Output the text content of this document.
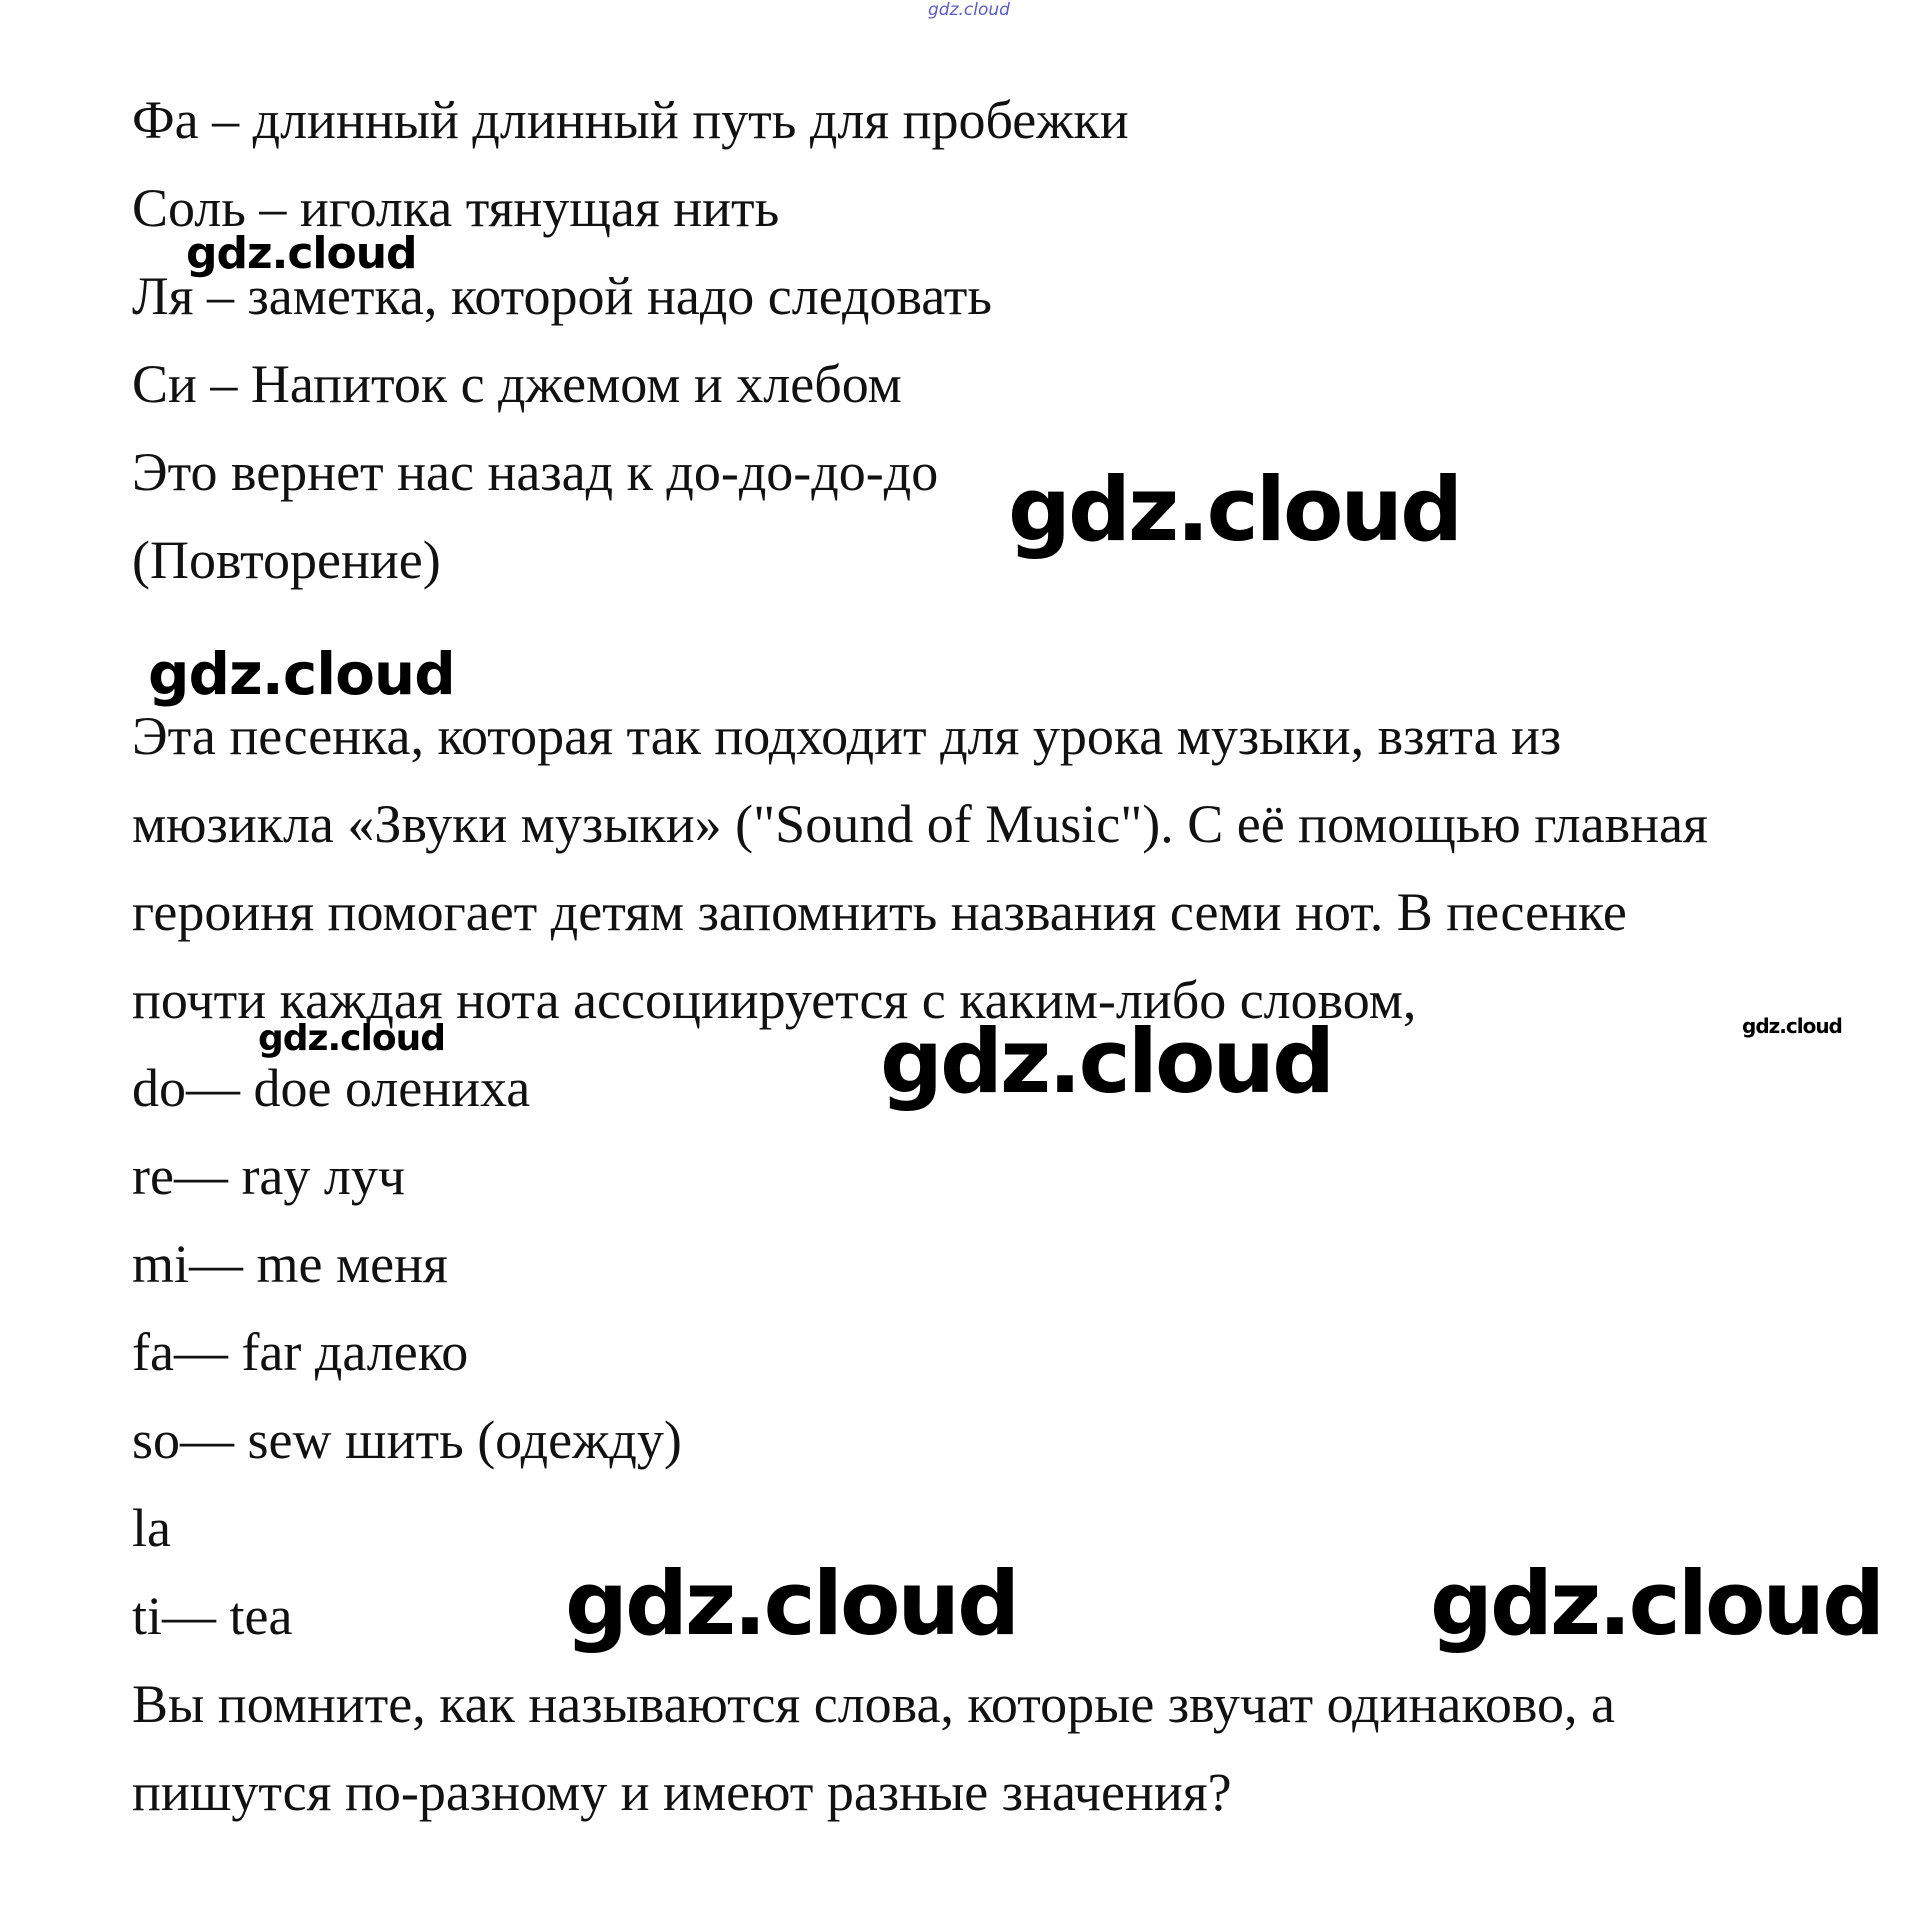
Фа – длинный длинный путь для пробежки
Соль – иголка тянущая нить
Ля – заметка, которой надо следовать
Си – Напиток с джемом и хлебом
Это вернет нас назад к до-до-до-до
(Повторение)
Эта песенка, которая так подходит для урока музыки, взята из
мюзикла «Звуки музыки» ("Sound of Music"). С её помощью главная
героиня помогает детям запомнить названия семи нот. В песенке
почти каждая нота ассоциируется с каким-либо словом,
do— doe олениха
re— ray луч
mi— me меня
fa— far далеко
so— sew шить (одежду)
la
ti— tea
Вы помните, как называются слова, которые звучат одинаково, а
пишутся по-разному и имеют разные значения?
gdz.cloud
gdz.cloud
gdz.cloud
gdz.cloud
gdz.cloud	gdz.cloud	gdz.cloud
gdz.cloud	gdz.cloud
